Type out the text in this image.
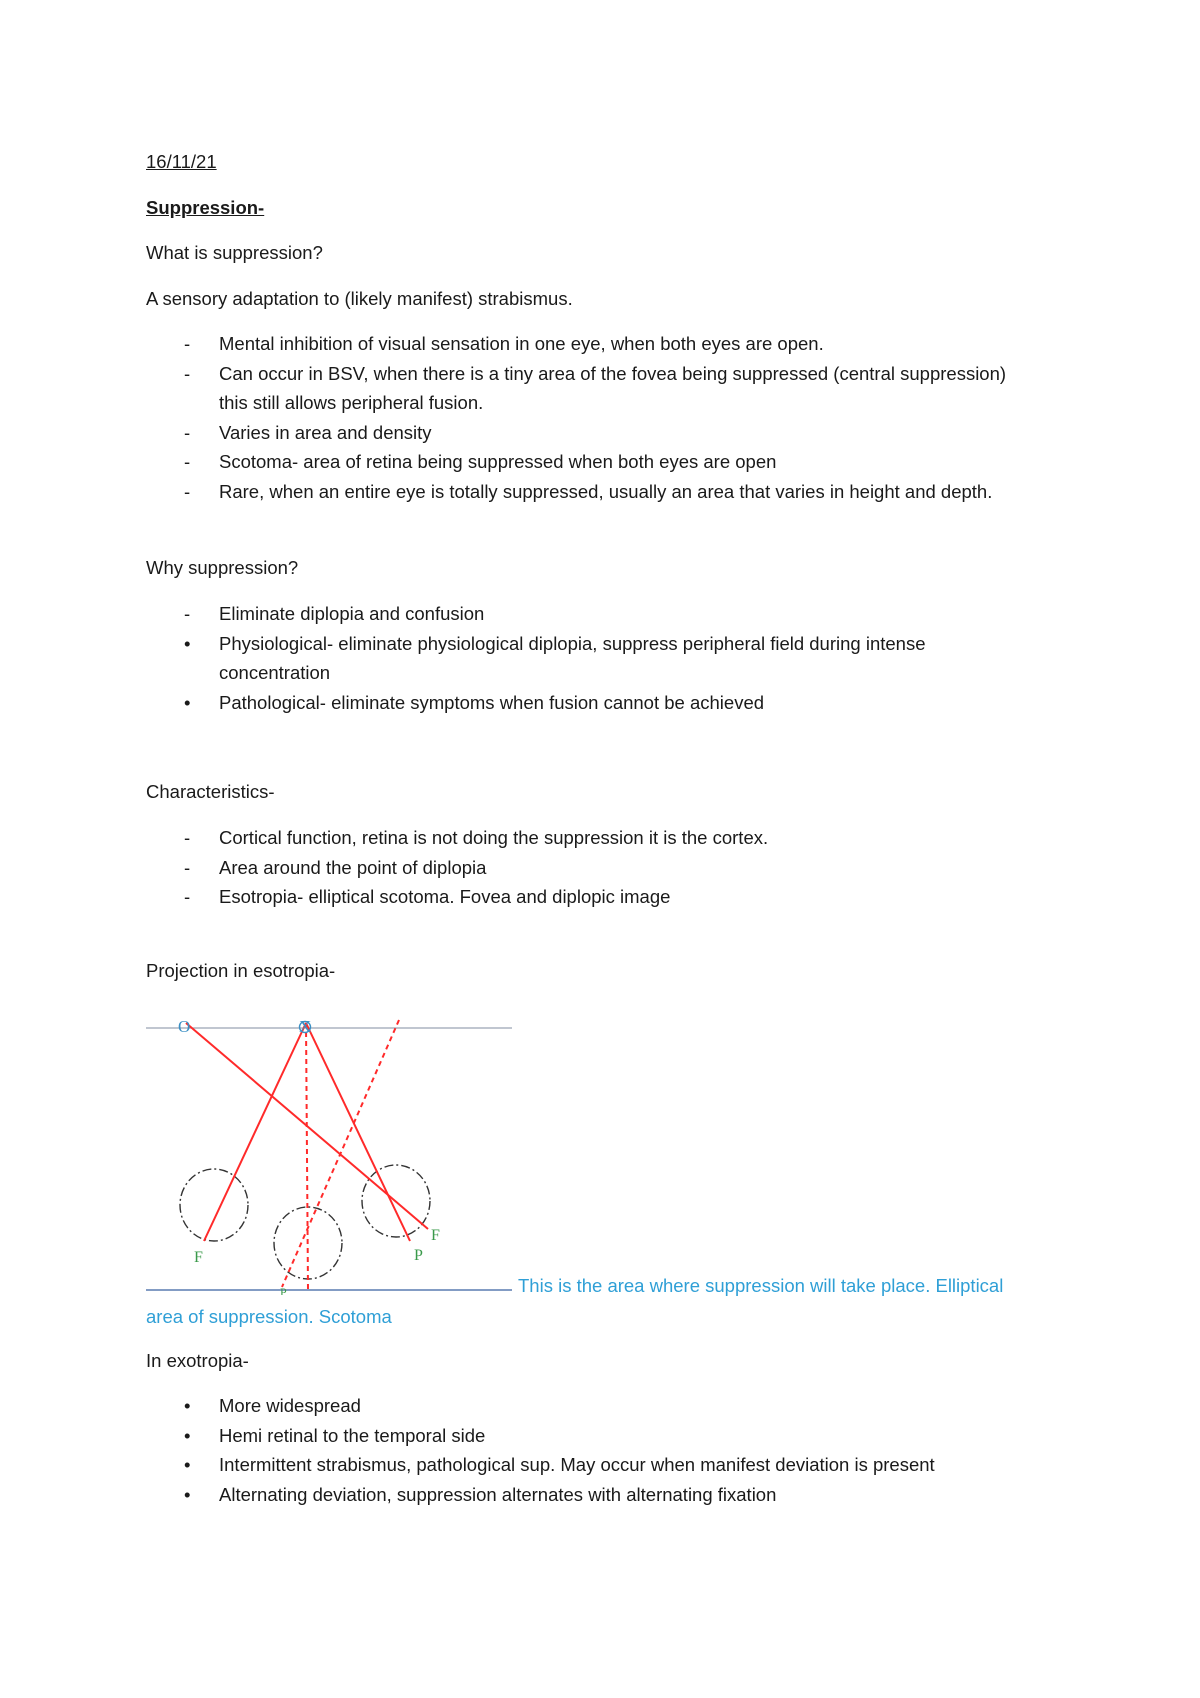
16/11/21
Suppression-
What is suppression?
A sensory adaptation to (likely manifest) strabismus.
- Mental inhibition of visual sensation in one eye, when both eyes are open.
- Can occur in BSV, when there is a tiny area of the fovea being suppressed (central suppression) this still allows peripheral fusion.
- Varies in area and density
- Scotoma- area of retina being suppressed when both eyes are open
- Rare, when an entire eye is totally suppressed, usually an area that varies in height and depth.
Why suppression?
- Eliminate diplopia and confusion
• Physiological- eliminate physiological diplopia, suppress peripheral field during intense concentration
• Pathological- eliminate symptoms when fusion cannot be achieved
Characteristics-
- Cortical function, retina is not doing the suppression it is the cortex.
- Area around the point of diplopia
- Esotropia- elliptical scotoma. Fovea and diplopic image
Projection in esotropia-
O	X
F	P
F
P	This is the area where suppression will take place. Elliptical
area of suppression. Scotoma
In exotropia-
• More widespread
• Hemi retinal to the temporal side
• Intermittent strabismus, pathological sup. May occur when manifest deviation is present
• Alternating deviation, suppression alternates with alternating fixation
